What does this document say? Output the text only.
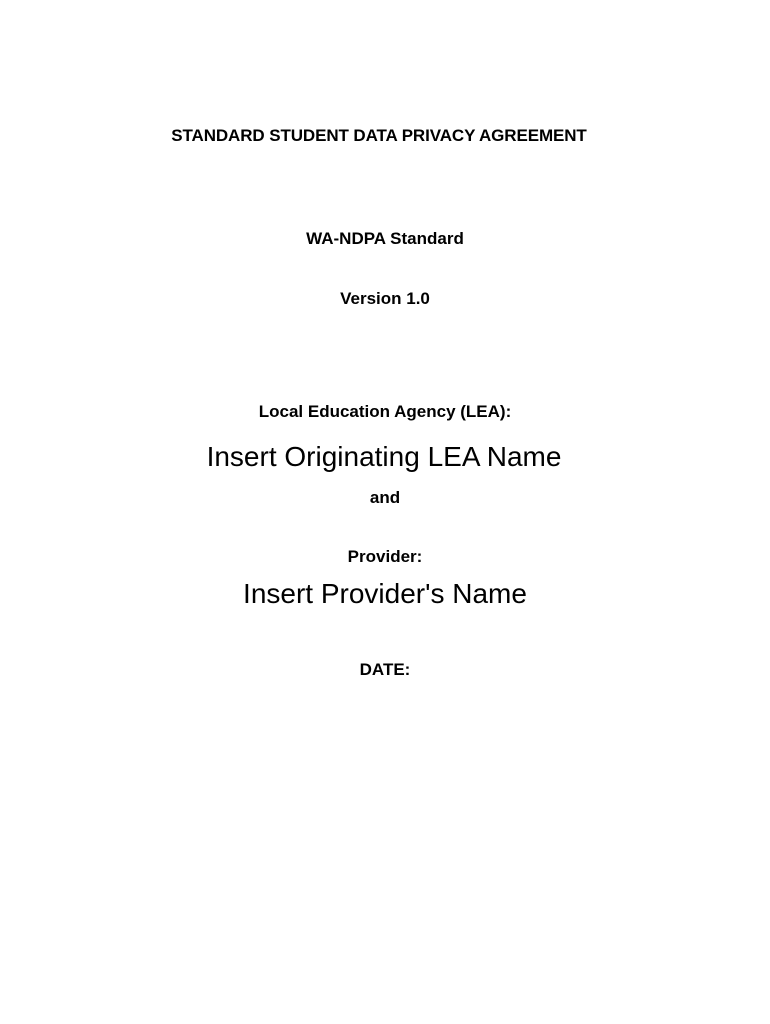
STANDARD STUDENT DATA PRIVACY AGREEMENT
WA-NDPA Standard
Version 1.0
Local Education Agency (LEA):
Insert Originating LEA Name
and
Provider:
Insert Provider's Name
DATE:
